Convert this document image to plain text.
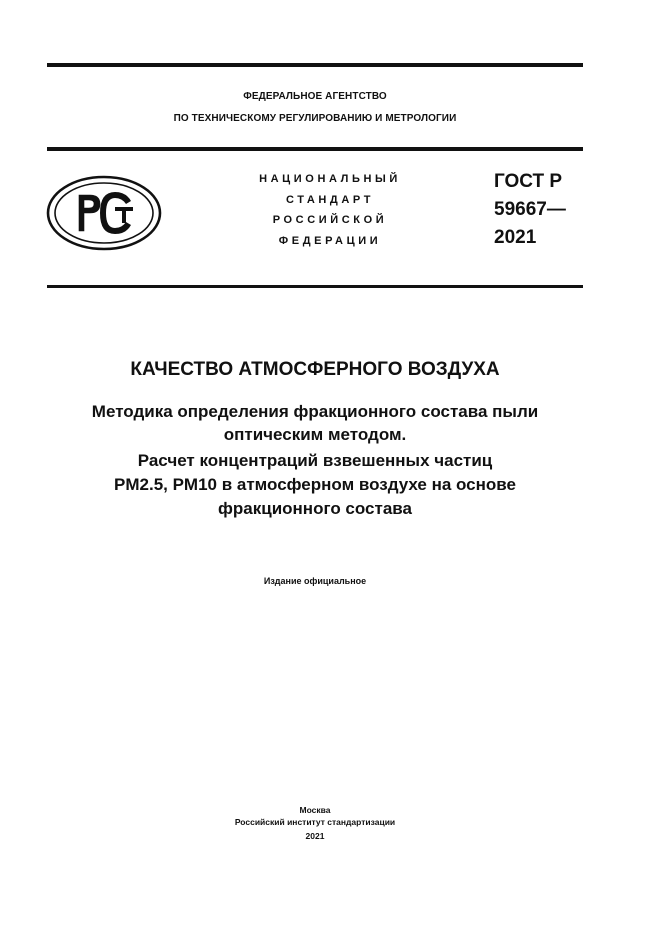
ФЕДЕРАЛЬНОЕ АГЕНТСТВО
ПО ТЕХНИЧЕСКОМУ РЕГУЛИРОВАНИЮ И МЕТРОЛОГИИ
НАЦИОНАЛЬНЫЙ
СТАНДАРТ
РОССИЙСКОЙ
ФЕДЕРАЦИИ
ГОСТ Р
59667—
2021
КАЧЕСТВО АТМОСФЕРНОГО ВОЗДУХА
Методика определения фракционного состава пыли
оптическим методом.
Расчет концентраций взвешенных частиц
PM2.5, PM10 в атмосферном воздухе на основе
фракционного состава
Издание официальное
Москва
Российский институт стандартизации
2021
